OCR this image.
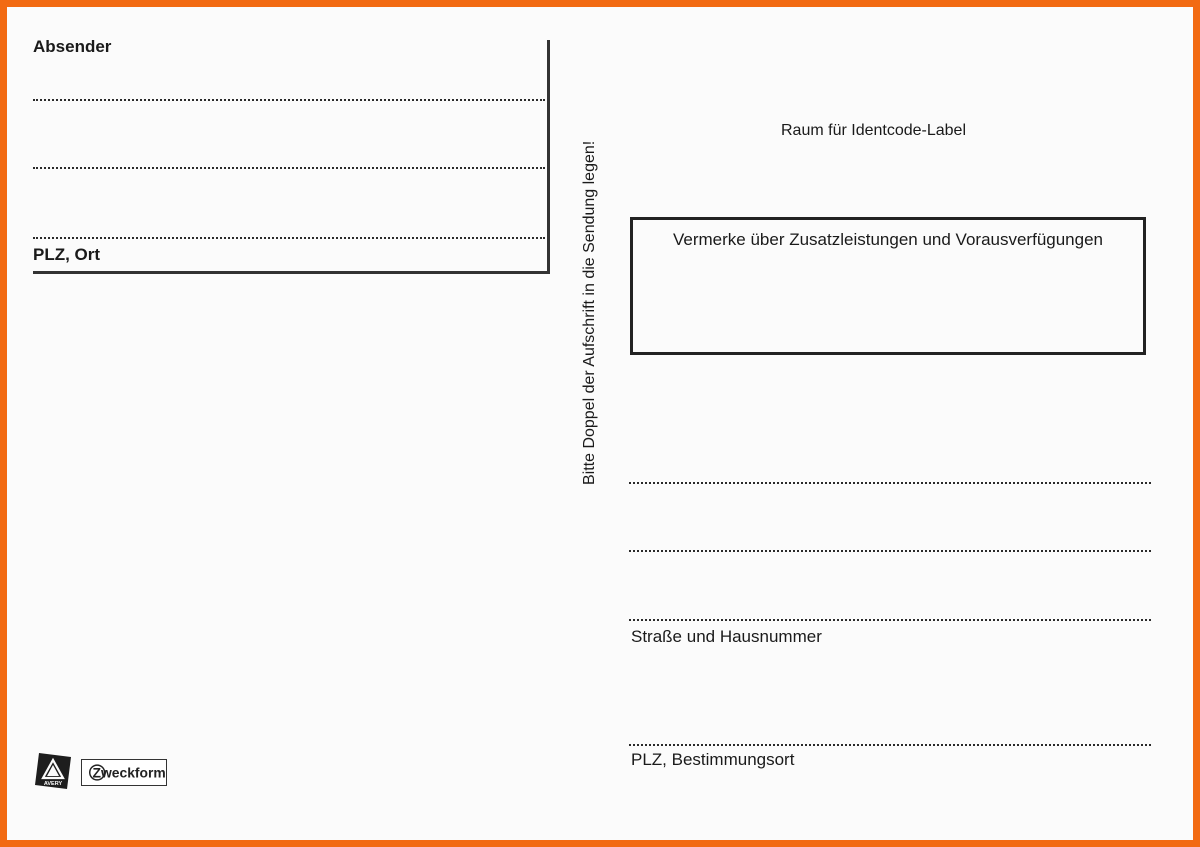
Absender
PLZ, Ort	Bitte Doppel der Aufschrift in die Sendung legen!
Raum für Identcode-Label
Vermerke über Zusatzleistungen und Vorausverfügungen
Straße und Hausnummer
PLZ, Bestimmungsort
AVERY
Zweckform
